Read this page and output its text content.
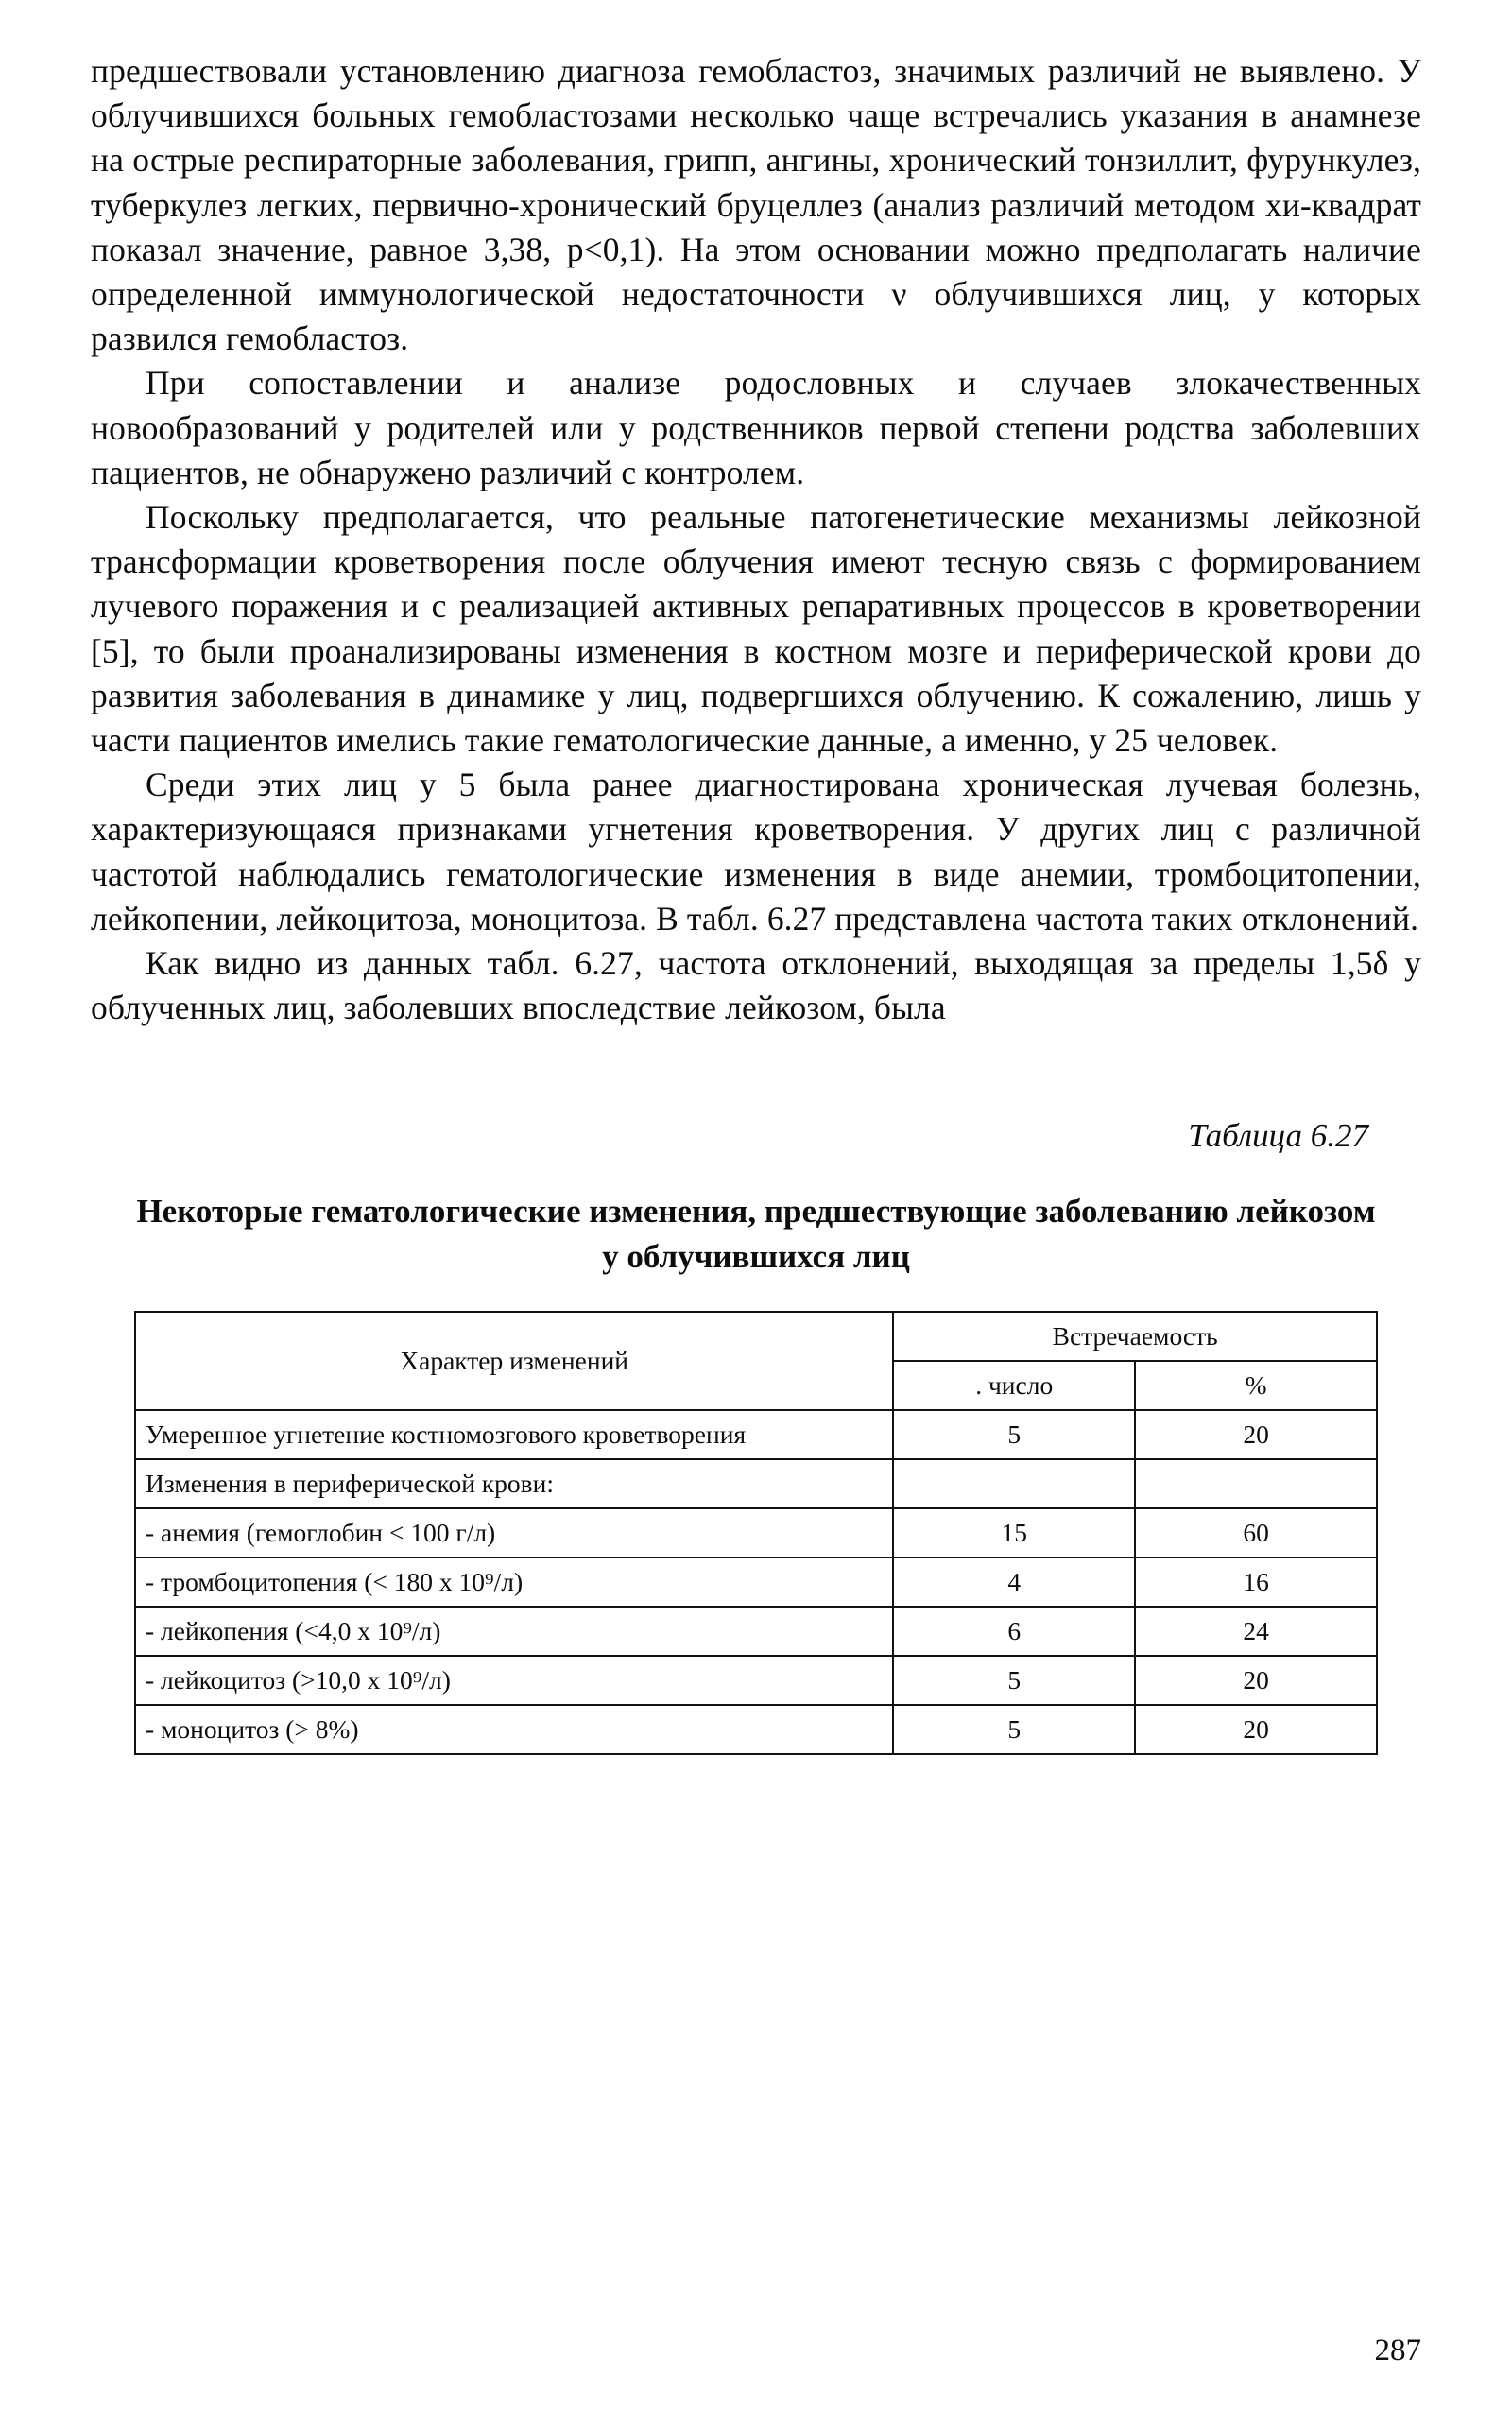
предшествовали установлению диагноза гемобластоз, значимых различий не выявлено. У облучившихся больных гемобластозами несколько чаще встречались указания в анамнезе на острые респираторные заболевания, грипп, ангины, хронический тонзиллит, фурункулез, туберкулез легких, первично-хронический бруцеллез (анализ различий методом хи-квадрат показал значение, равное 3,38, p<0,1). На этом основании можно предполагать наличие определенной иммунологической недостаточности ν облучившихся лиц, у которых развился гемобластоз.

При сопоставлении и анализе родословных и случаев злокачественных новообразований у родителей или у родственников первой степени родства заболевших пациентов, не обнаружено различий с контролем.

Поскольку предполагается, что реальные патогенетические механизмы лейкозной трансформации кроветворения после облучения имеют тесную связь с формированием лучевого поражения и с реализацией активных репаративных процессов в кроветворении [5], то были проанализированы изменения в костном мозге и периферической крови до развития заболевания в динамике у лиц, подвергшихся облучению. К сожалению, лишь у части пациентов имелись такие гематологические данные, а именно, у 25 человек.

Среди этих лиц у 5 была ранее диагностирована хроническая лучевая болезнь, характеризующаяся признаками угнетения кроветворения. У других лиц с различной частотой наблюдались гематологические изменения в виде анемии, тромбоцитопении, лейкопении, лейкоцитоза, моноцитоза. В табл. 6.27 представлена частота таких отклонений.

Как видно из данных табл. 6.27, частота отклонений, выходящая за пределы 1,5δ у облученных лиц, заболевших впоследствие лейкозом, была

Таблица 6.27
Некоторые гематологические изменения, предшествующие заболеванию лейкозом у облучившихся лиц
Характер изменений	Встречаемость	
	. число	%
Умеренное угнетение костномозгового кроветворения	5	20
Изменения в периферической крови:		
- анемия (гемоглобин < 100 г/л)	15	60
- тромбоцитопения (< 180 х 10⁹/л)	4	16
- лейкопения (<4,0 х 10⁹/л)	6	24
- лейкоцитоз (>10,0 х 10⁹/л)	5	20
- моноцитоз (> 8%)	5	20
287
